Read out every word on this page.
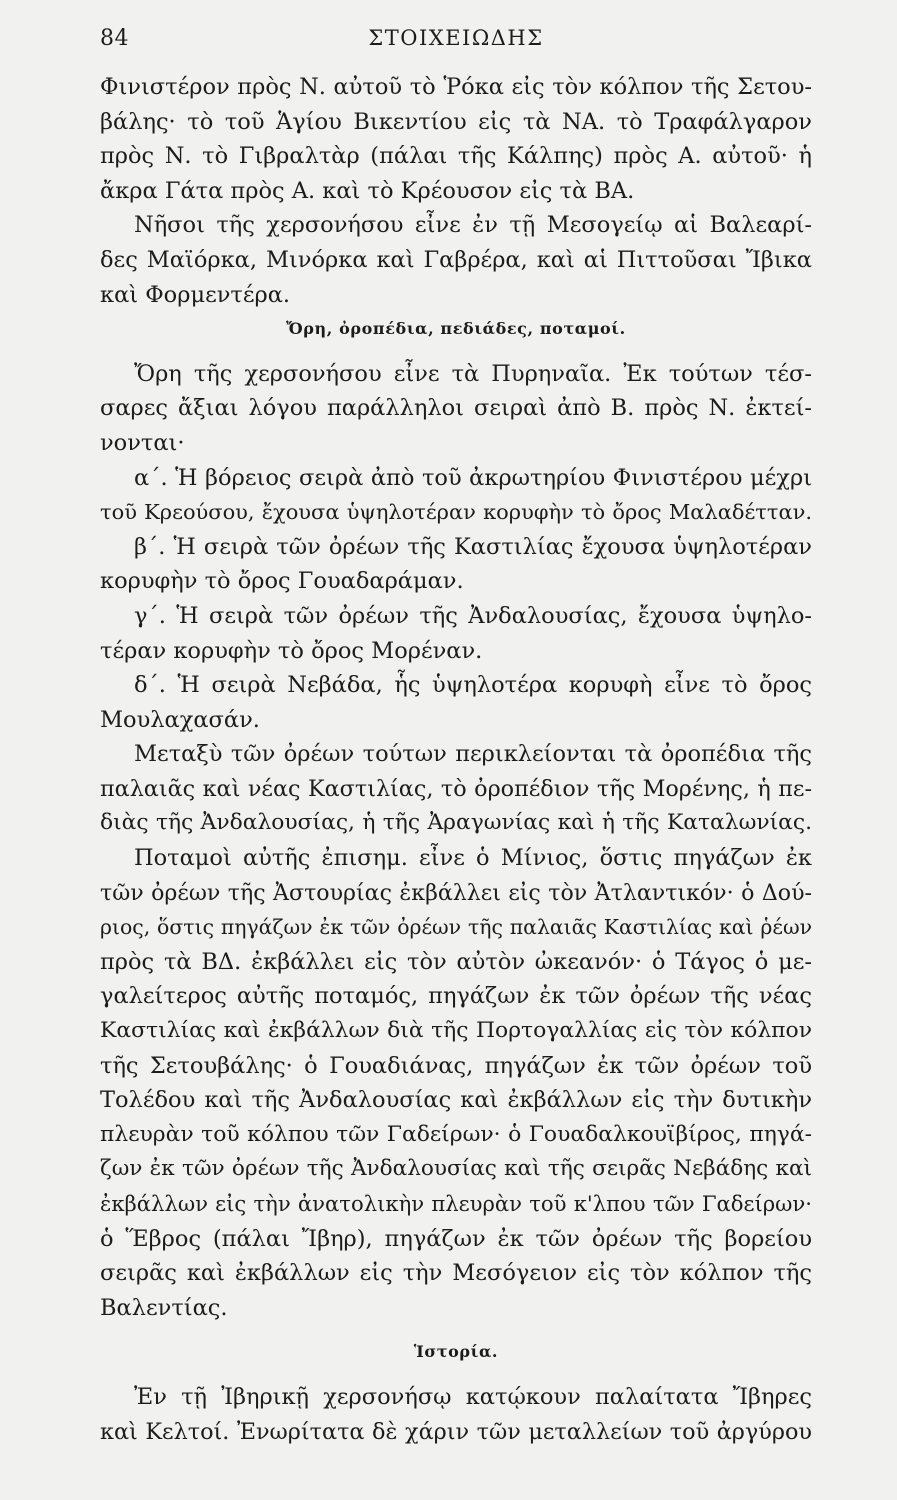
84	ΣΤΟΙΧΕΙΩΔΗΣ
Φινιστέρον πρὸς Ν. αὐτοῦ τὸ Ῥόκα εἰς τὸν κόλπον τῆς Σετου-
βάλης· τὸ τοῦ Ἁγίου Βικεντίου εἰς τὰ ΝΑ. τὸ Τραφάλγαρον
πρὸς Ν. τὸ Γιβραλτὰρ (πάλαι τῆς Κάλπης) πρὸς Α. αὐτοῦ· ἡ
ἄκρα Γάτα πρὸς Α. καὶ τὸ Κρέουσον εἰς τὰ ΒΑ.
Νῆσοι τῆς χερσονήσου εἶνε ἐν τῇ Μεσογείῳ αἱ Βαλεαρί-
δες Μαϊόρκα, Μινόρκα καὶ Γαβρέρα, καὶ αἱ Πιττοῦσαι Ἴβικα
καὶ Φορμεντέρα.
Ὄρη, ὀροπέδια, πεδιάδες, ποταμοί.
Ὄρη τῆς χερσονήσου εἶνε τὰ Πυρηναῖα. Ἐκ τούτων τέσ-
σαρες ἄξιαι λόγου παράλληλοι σειραὶ ἀπὸ Β. πρὸς Ν. ἐκτεί-
νονται·
α΄. Ἡ βόρειος σειρὰ ἀπὸ τοῦ ἀκρωτηρίου Φινιστέρου μέχρι
τοῦ Κρεούσου, ἔχουσα ὑψηλοτέραν κορυφὴν τὸ ὄρος Μαλαδέτταν.
β΄. Ἡ σειρὰ τῶν ὀρέων τῆς Καστιλίας ἔχουσα ὑψηλοτέραν
κορυφὴν τὸ ὄρος Γουαδαράμαν.
γ΄. Ἡ σειρὰ τῶν ὀρέων τῆς Ἀνδαλουσίας, ἔχουσα ὑψηλο-
τέραν κορυφὴν τὸ ὄρος Μορέναν.
δ΄. Ἡ σειρὰ Νεβάδα, ἧς ὑψηλοτέρα κορυφὴ εἶνε τὸ ὄρος
Μουλαχασάν.
Μεταξὺ τῶν ὀρέων τούτων περικλείονται τὰ ὀροπέδια τῆς
παλαιᾶς καὶ νέας Καστιλίας, τὸ ὀροπέδιον τῆς Μορένης, ἡ πε-
διὰς τῆς Ἀνδαλουσίας, ἡ τῆς Ἀραγωνίας καὶ ἡ τῆς Καταλωνίας.
Ποταμοὶ αὐτῆς ἐπισημ. εἶνε ὁ Μίνιος, ὅστις πηγάζων ἐκ
τῶν ὀρέων τῆς Ἀστουρίας ἐκβάλλει εἰς τὸν Ἀτλαντικόν· ὁ Δού-
ριος, ὅστις πηγάζων ἐκ τῶν ὀρέων τῆς παλαιᾶς Καστιλίας καὶ ῥέων
πρὸς τὰ ΒΔ. ἐκβάλλει εἰς τὸν αὐτὸν ὠκεανόν· ὁ Τάγος ὁ με-
γαλείτερος αὐτῆς ποταμός, πηγάζων ἐκ τῶν ὀρέων τῆς νέας
Καστιλίας καὶ ἐκβάλλων διὰ τῆς Πορτογαλλίας εἰς τὸν κόλπον
τῆς Σετουβάλης· ὁ Γουαδιάνας, πηγάζων ἐκ τῶν ὀρέων τοῦ
Τολέδου καὶ τῆς Ἀνδαλουσίας καὶ ἐκβάλλων εἰς τὴν δυτικὴν
πλευρὰν τοῦ κόλπου τῶν Γαδείρων· ὁ Γουαδαλκουϊβίρος, πηγά-
ζων ἐκ τῶν ὀρέων τῆς Ἀνδαλουσίας καὶ τῆς σειρᾶς Νεβάδης καὶ
ἐκβάλλων εἰς τὴν ἀνατολικὴν πλευρὰν τοῦ κ'λπου τῶν Γαδείρων·
ὁ Ἕβρος (πάλαι Ἴβηρ), πηγάζων ἐκ τῶν ὀρέων τῆς βορείου
σειρᾶς καὶ ἐκβάλλων εἰς τὴν Μεσόγειον εἰς τὸν κόλπον τῆς
Βαλεντίας.
Ἱστορία.
Ἐν τῇ Ἰβηρικῇ χερσονήσῳ κατῴκουν παλαίτατα Ἴβηρες
καὶ Κελτοί. Ἐνωρίτατα δὲ χάριν τῶν μεταλλείων τοῦ ἀργύρου
